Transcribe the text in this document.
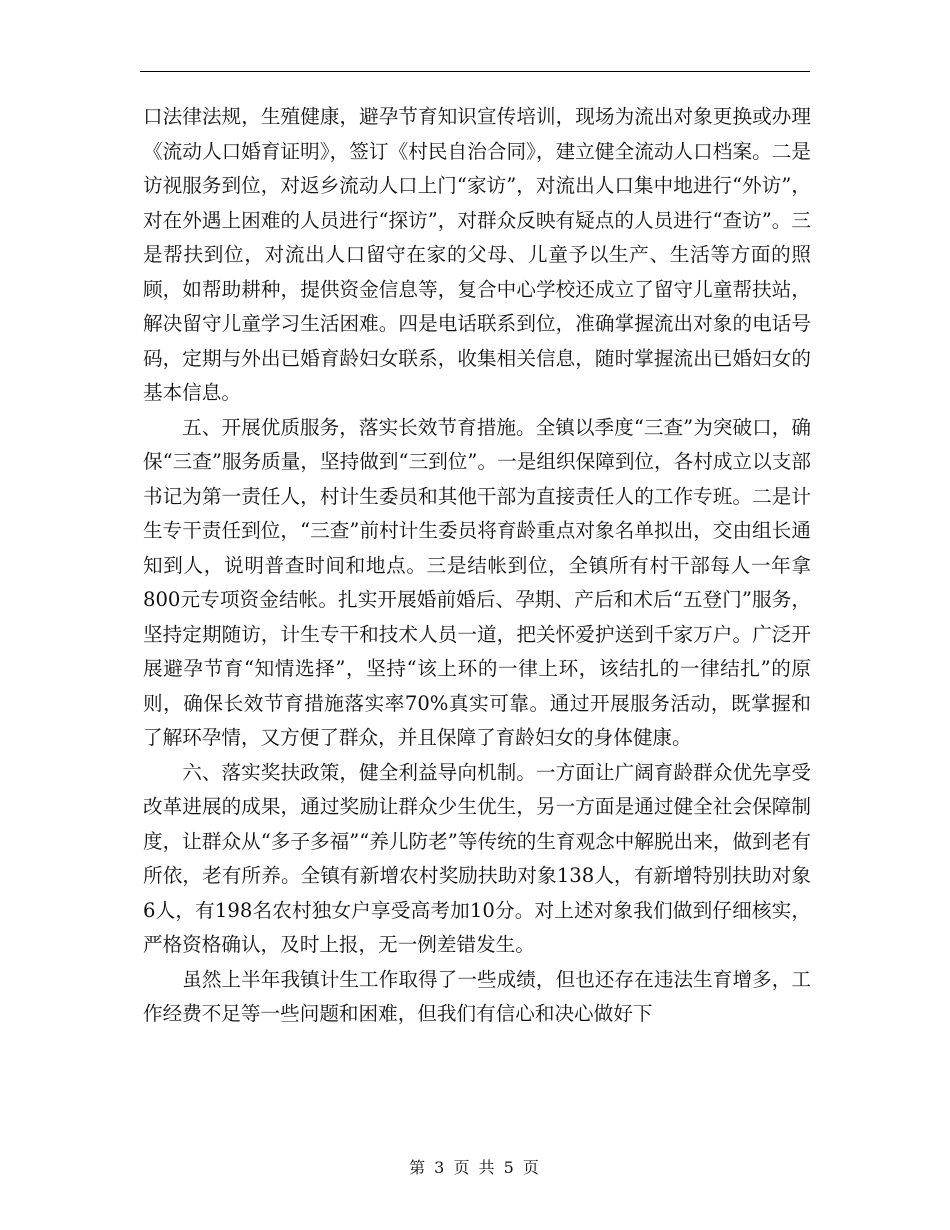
口法律法规，生殖健康，避孕节育知识宣传培训，现场为流出对象更换或办理《流动人口婚育证明》，签订《村民自治合同》，建立健全流动人口档案。二是访视服务到位，对返乡流动人口上门“家访”，对流出人口集中地进行“外访”，对在外遇上困难的人员进行“探访”，对群众反映有疑点的人员进行“查访”。三是帮扶到位，对流出人口留守在家的父母、儿童予以生产、生活等方面的照顾，如帮助耕种，提供资金信息等，复合中心学校还成立了留守儿童帮扶站，解决留守儿童学习生活困难。四是电话联系到位，准确掌握流出对象的电话号码，定期与外出已婚育龄妇女联系，收集相关信息，随时掌握流出已婚妇女的基本信息。

五、开展优质服务，落实长效节育措施。全镇以季度“三查”为突破口，确保“三查”服务质量，坚持做到“三到位”。一是组织保障到位，各村成立以支部书记为第一责任人，村计生委员和其他干部为直接责任人的工作专班。二是计生专干责任到位，“三查”前村计生委员将育龄重点对象名单拟出，交由组长通知到人，说明普查时间和地点。三是结帐到位，全镇所有村干部每人一年拿800元专项资金结帐。扎实开展婚前婚后、孕期、产后和术后“五登门”服务，坚持定期随访，计生专干和技术人员一道，把关怀爱护送到千家万户。广泛开展避孕节育“知情选择”，坚持“该上环的一律上环，该结扎的一律结扎”的原则，确保长效节育措施落实率70%真实可靠。通过开展服务活动，既掌握和了解环孕情，又方便了群众，并且保障了育龄妇女的身体健康。

六、落实奖扶政策，健全利益导向机制。一方面让广阔育龄群众优先享受改革进展的成果，通过奖励让群众少生优生，另一方面是通过健全社会保障制度，让群众从“多子多福”“养儿防老”等传统的生育观念中解脱出来，做到老有所依，老有所养。全镇有新增农村奖励扶助对象138人，有新增特别扶助对象6人，有198名农村独女户享受高考加10分。对上述对象我们做到仔细核实，严格资格确认，及时上报，无一例差错发生。

虽然上半年我镇计生工作取得了一些成绩，但也还存在违法生育增多，工作经费不足等一些问题和困难，但我们有信心和决心做好下

第 3 页 共 5 页
